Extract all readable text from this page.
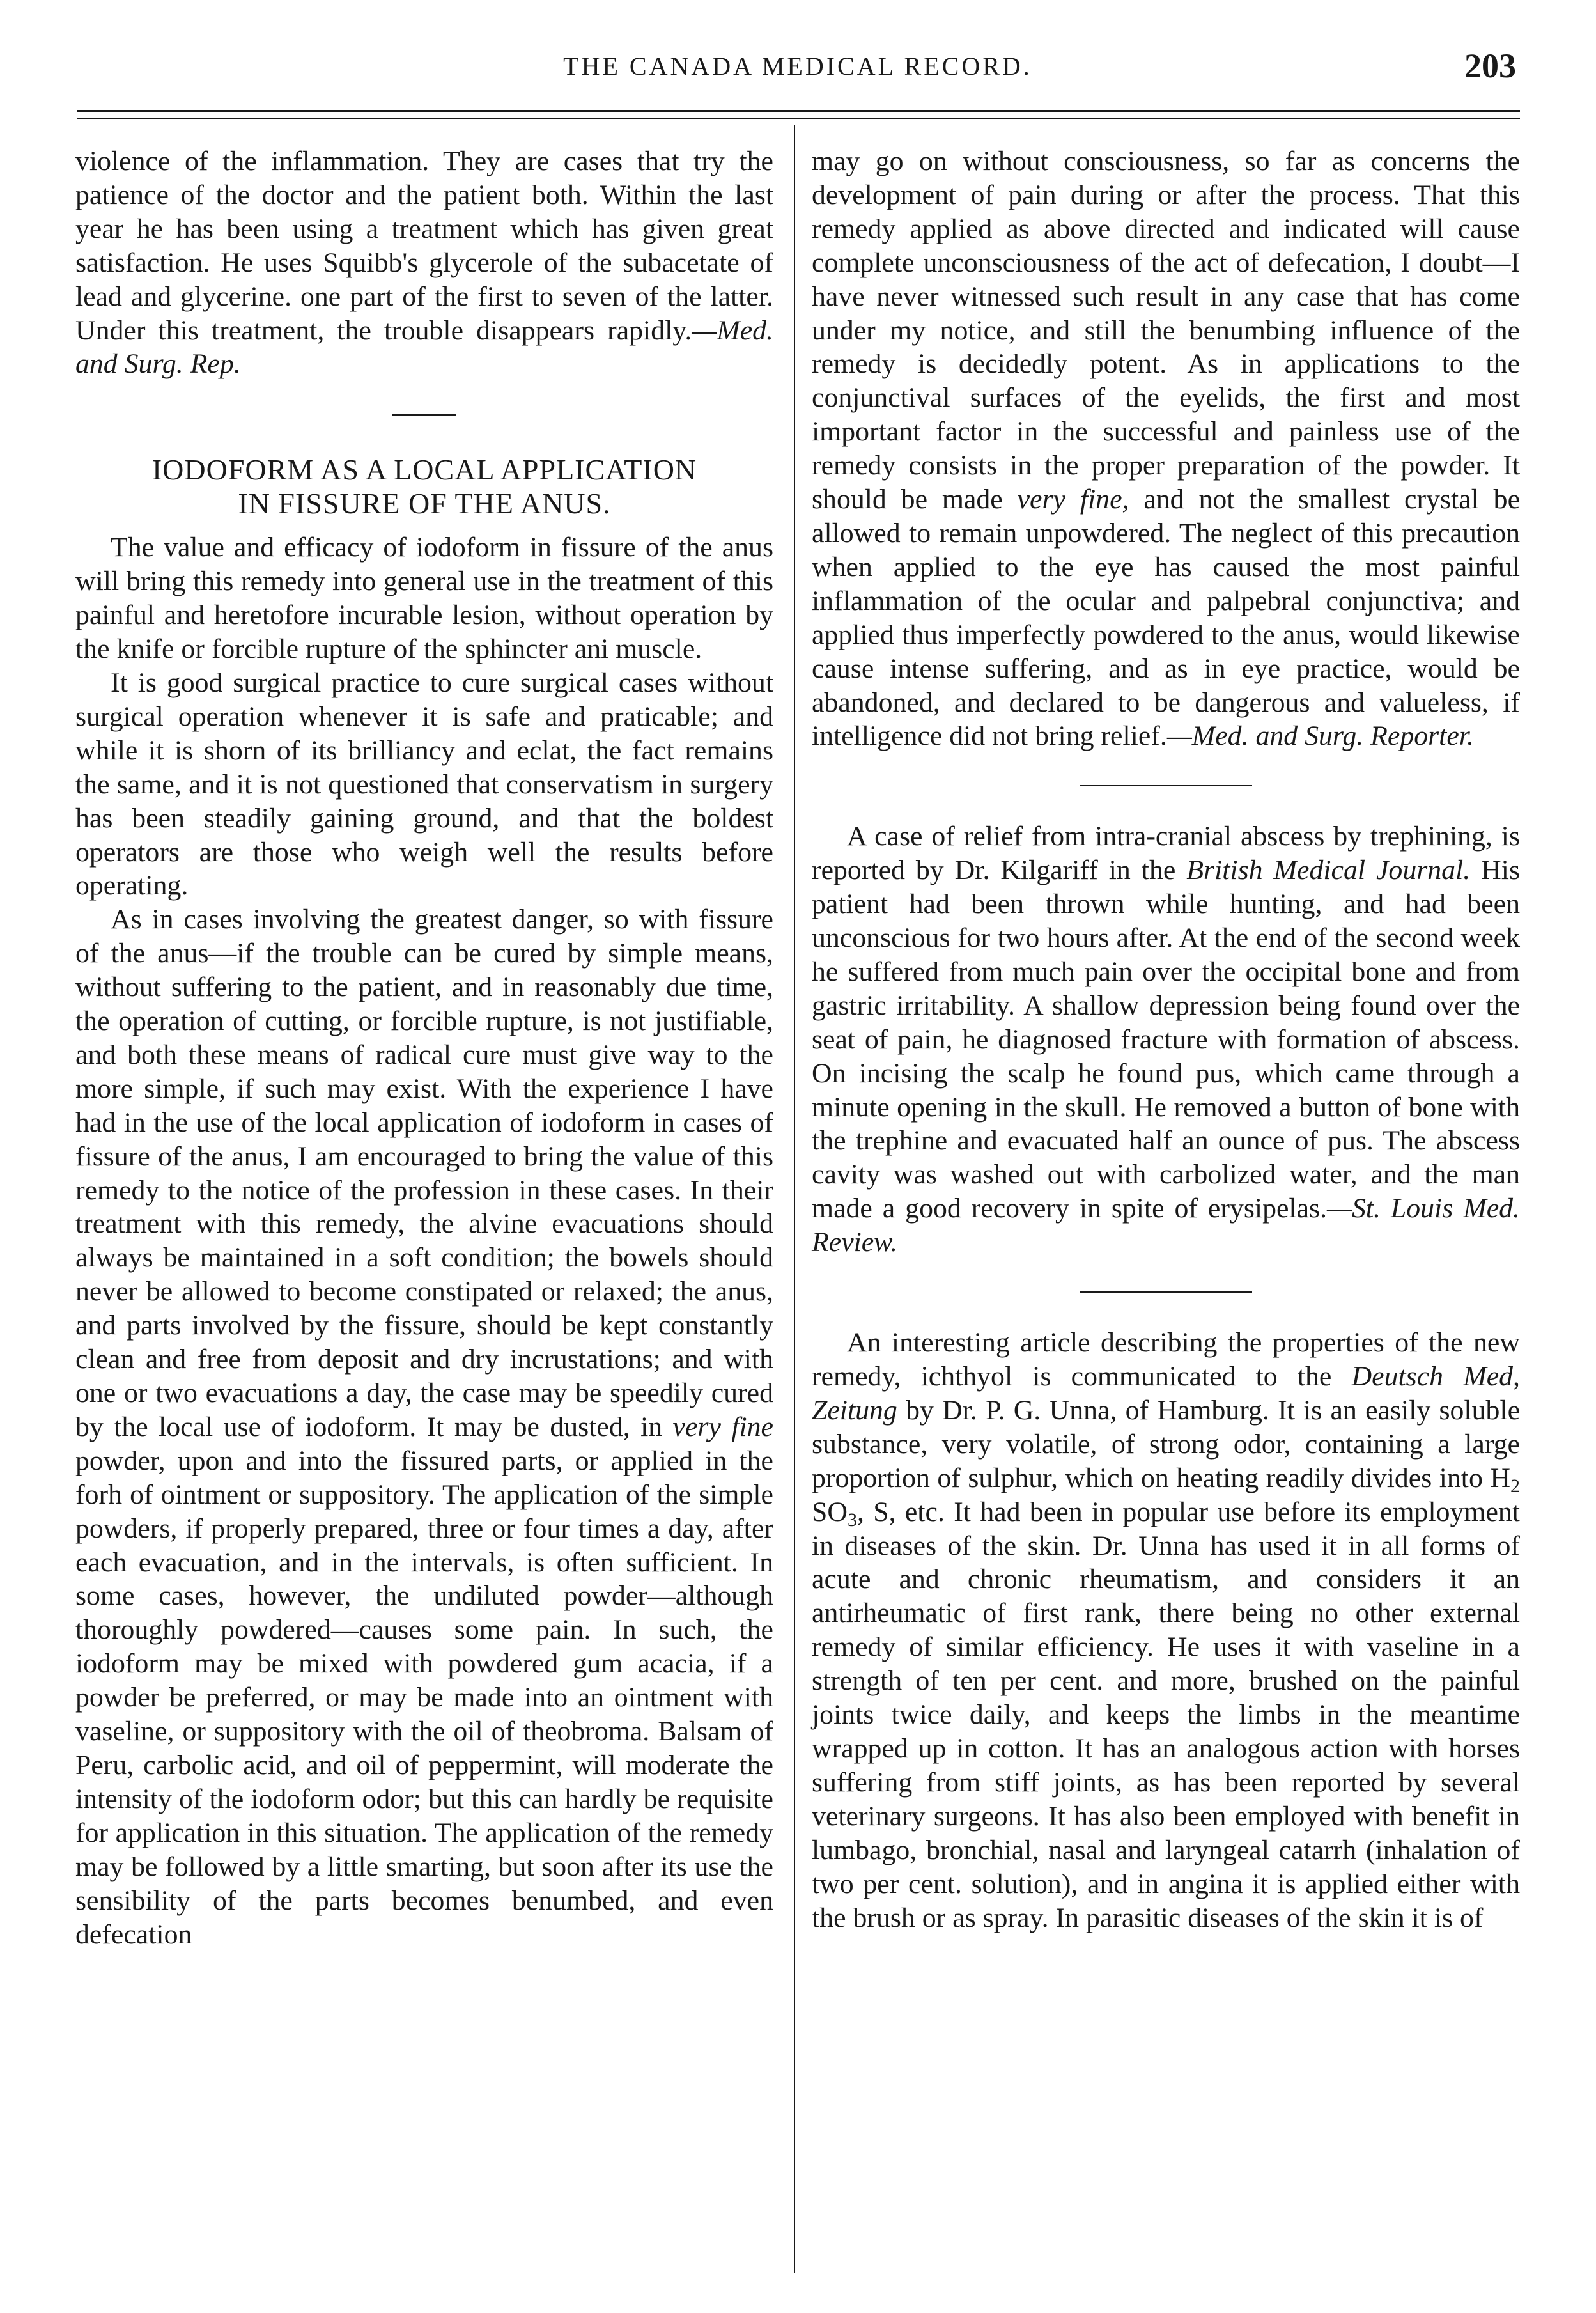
THE CANADA MEDICAL RECORD.	203

violence of the inflammation. They are cases that try the patience of the doctor and the patient both. Within the last year he has been using a treatment which has given great satisfaction. He uses Squibb's glycerole of the subacetate of lead and glycerine. one part of the first to seven of the latter. Under this treatment, the trouble disappears rapidly.—Med. and Surg. Rep.

IODOFORM AS A LOCAL APPLICATION
IN FISSURE OF THE ANUS.

The value and efficacy of iodoform in fissure of the anus will bring this remedy into general use in the treatment of this painful and heretofore incurable lesion, without operation by the knife or forcible rupture of the sphincter ani muscle.

It is good surgical practice to cure surgical cases without surgical operation whenever it is safe and praticable; and while it is shorn of its brilliancy and eclat, the fact remains the same, and it is not questioned that conservatism in surgery has been steadily gaining ground, and that the boldest operators are those who weigh well the results before operating.

As in cases involving the greatest danger, so with fissure of the anus—if the trouble can be cured by simple means, without suffering to the patient, and in reasonably due time, the operation of cutting, or forcible rupture, is not justifiable, and both these means of radical cure must give way to the more simple, if such may exist. With the experience I have had in the use of the local application of iodoform in cases of fissure of the anus, I am encouraged to bring the value of this remedy to the notice of the profession in these cases. In their treatment with this remedy, the alvine evacuations should always be maintained in a soft condition; the bowels should never be allowed to become constipated or relaxed; the anus, and parts involved by the fissure, should be kept constantly clean and free from deposit and dry incrustations; and with one or two evacuations a day, the case may be speedily cured by the local use of iodoform. It may be dusted, in very fine powder, upon and into the fissured parts, or applied in the forh of ointment or suppository. The application of the simple powders, if properly prepared, three or four times a day, after each evacuation, and in the intervals, is often sufficient. In some cases, however, the undiluted powder—although thoroughly powdered—causes some pain. In such, the iodoform may be mixed with powdered gum acacia, if a powder be preferred, or may be made into an ointment with vaseline, or suppository with the oil of theobroma. Balsam of Peru, carbolic acid, and oil of peppermint, will moderate the intensity of the iodoform odor; but this can hardly be requisite for application in this situation. The application of the remedy may be followed by a little smarting, but soon after its use the sensibility of the parts becomes benumbed, and even defecation

may go on without consciousness, so far as concerns the development of pain during or after the process. That this remedy applied as above directed and indicated will cause complete unconsciousness of the act of defecation, I doubt—I have never witnessed such result in any case that has come under my notice, and still the benumbing influence of the remedy is decidedly potent. As in applications to the conjunctival surfaces of the eyelids, the first and most important factor in the successful and painless use of the remedy consists in the proper preparation of the powder. It should be made very fine, and not the smallest crystal be allowed to remain unpowdered. The neglect of this precaution when applied to the eye has caused the most painful inflammation of the ocular and palpebral conjunctiva; and applied thus imperfectly powdered to the anus, would likewise cause intense suffering, and as in eye practice, would be abandoned, and declared to be dangerous and valueless, if intelligence did not bring relief.—Med. and Surg. Reporter.

A case of relief from intra-cranial abscess by trephining, is reported by Dr. Kilgariff in the British Medical Journal. His patient had been thrown while hunting, and had been unconscious for two hours after. At the end of the second week he suffered from much pain over the occipital bone and from gastric irritability. A shallow depression being found over the seat of pain, he diagnosed fracture with formation of abscess. On incising the scalp he found pus, which came through a minute opening in the skull. He removed a button of bone with the trephine and evacuated half an ounce of pus. The abscess cavity was washed out with carbolized water, and the man made a good recovery in spite of erysipelas.—St. Louis Med. Review.

An interesting article describing the properties of the new remedy, ichthyol is communicated to the Deutsch Med, Zeitung by Dr. P. G. Unna, of Hamburg. It is an easily soluble substance, very volatile, of strong odor, containing a large proportion of sulphur, which on heating readily divides into $H_2$ $SO_3$, S, etc. It had been in popular use before its employment in diseases of the skin. Dr. Unna has used it in all forms of acute and chronic rheumatism, and considers it an antirheumatic of first rank, there being no other external remedy of similar efficiency. He uses it with vaseline in a strength of ten per cent. and more, brushed on the painful joints twice daily, and keeps the limbs in the meantime wrapped up in cotton. It has an analogous action with horses suffering from stiff joints, as has been reported by several veterinary surgeons. It has also been employed with benefit in lumbago, bronchial, nasal and laryngeal catarrh (inhalation of two per cent. solution), and in angina it is applied either with the brush or as spray. In parasitic diseases of the skin it is of
